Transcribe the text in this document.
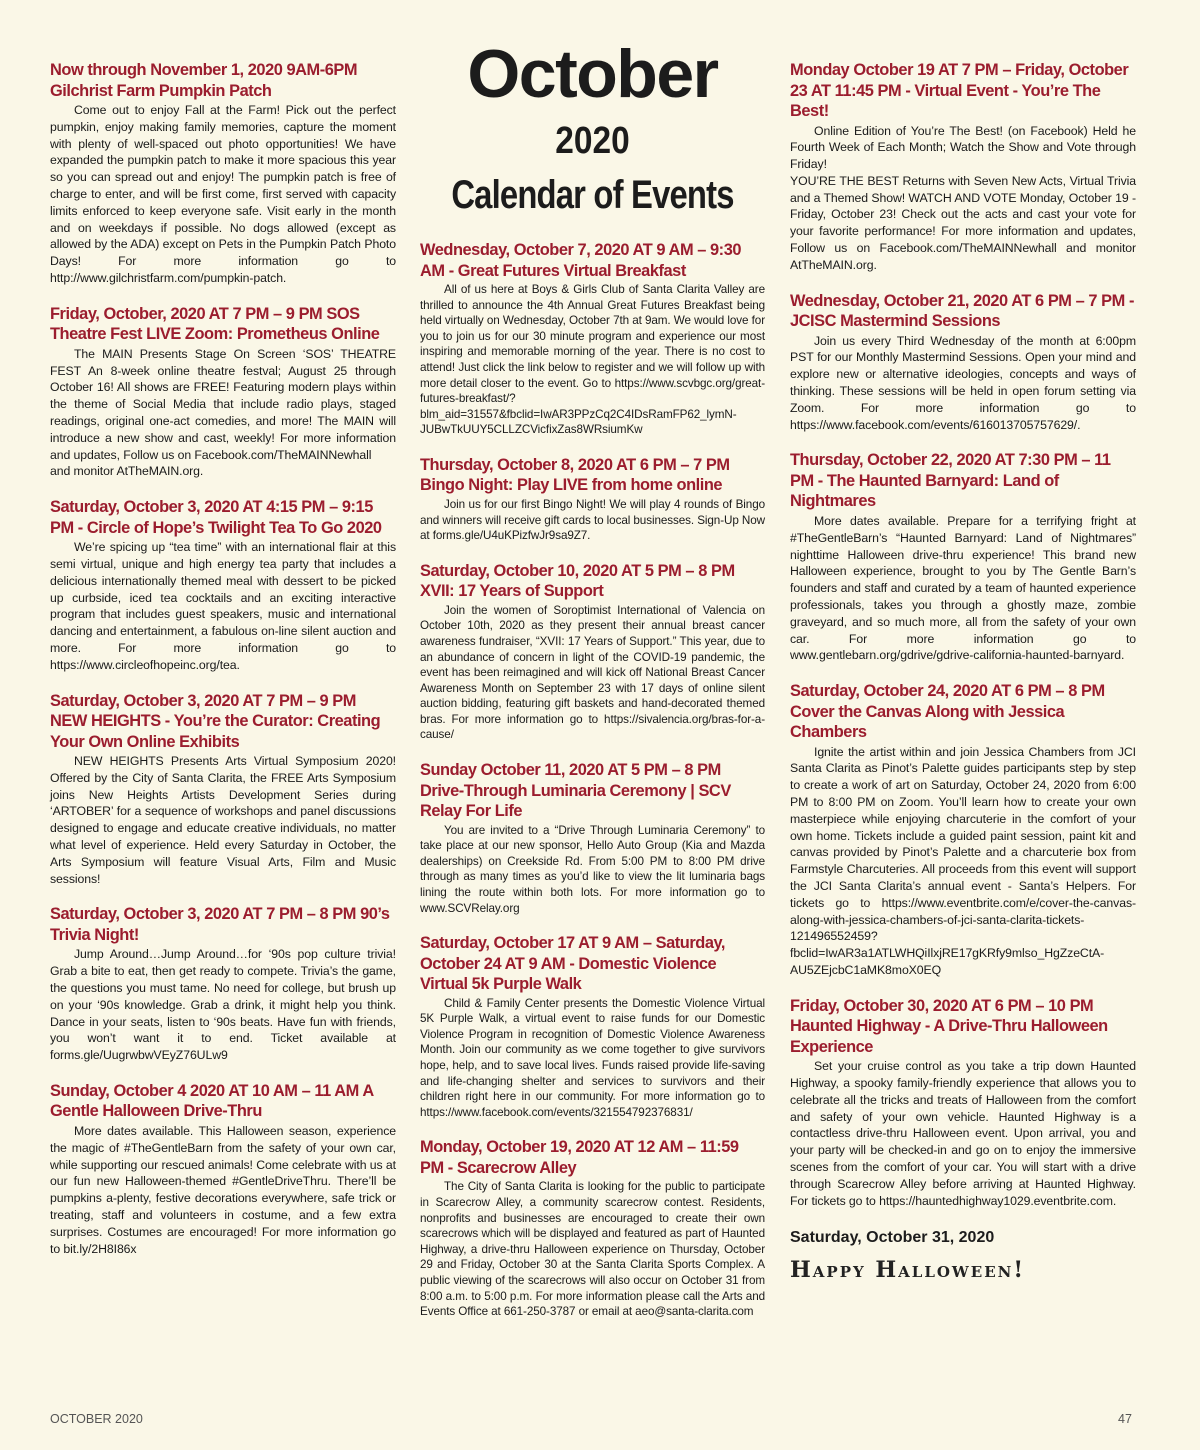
Now through November 1, 2020 9AM-6PM Gilchrist Farm Pumpkin Patch

Come out to enjoy Fall at the Farm! Pick out the perfect pumpkin, enjoy making family memories, capture the moment with plenty of well-spaced out photo opportunities! We have expanded the pumpkin patch to make it more spacious this year so you can spread out and enjoy! The pumpkin patch is free of charge to enter, and will be first come, first served with capacity limits enforced to keep everyone safe. Visit early in the month and on weekdays if possible. No dogs allowed (except as allowed by the ADA) except on Pets in the Pumpkin Patch Photo Days! For more information go to http://www.gilchristfarm.com/pumpkin-patch.

Friday, October, 2020 AT 7 PM – 9 PM SOS Theatre Fest LIVE Zoom: Prometheus Online

The MAIN Presents Stage On Screen ‘SOS’ THEATRE FEST An 8-week online theatre festval; August 25 through October 16! All shows are FREE! Featuring modern plays within the theme of Social Media that include radio plays, staged readings, original one-act comedies, and more! The MAIN will introduce a new show and cast, weekly! For more information and updates, Follow us on Facebook.com/TheMAINNewhall
and monitor AtTheMAIN.org.

Saturday, October 3, 2020 AT 4:15 PM – 9:15 PM - Circle of Hope’s Twilight Tea To Go 2020

We’re spicing up “tea time” with an international flair at this semi virtual, unique and high energy tea party that includes a delicious internationally themed meal with dessert to be picked up curbside, iced tea cocktails and an exciting interactive program that includes guest speakers, music and international dancing and entertainment, a fabulous on-line silent auction and more. For more information go to https://www.circleofhopeinc.org/tea.

Saturday, October 3, 2020 AT 7 PM – 9 PM NEW HEIGHTS - You’re the Curator: Creating Your Own Online Exhibits

NEW HEIGHTS Presents Arts Virtual Symposium 2020! Offered by the City of Santa Clarita, the FREE Arts Symposium joins New Heights Artists Development Series during ‘ARTOBER’ for a sequence of workshops and panel discussions designed to engage and educate creative individuals, no matter what level of experience. Held every Saturday in October, the Arts Symposium will feature Visual Arts, Film and Music sessions!

Saturday, October 3, 2020 AT 7 PM – 8 PM 90’s Trivia Night!

Jump Around…Jump Around…for ‘90s pop culture trivia! Grab a bite to eat, then get ready to compete. Trivia’s the game, the questions you must tame. No need for college, but brush up on your ‘90s knowledge. Grab a drink, it might help you think. Dance in your seats, listen to ‘90s beats. Have fun with friends, you won’t want it to end. Ticket available at forms.gle/UugrwbwVEyZ76ULw9

Sunday, October 4 2020 AT 10 AM – 11 AM A Gentle Halloween Drive-Thru

More dates available. This Halloween season, experience the magic of #TheGentleBarn from the safety of your own car, while supporting our rescued animals! Come celebrate with us at our fun new Halloween-themed #GentleDriveThru. There’ll be pumpkins a-plenty, festive decorations everywhere, safe trick or treating, staff and volunteers in costume, and a few extra surprises. Costumes are encouraged! For more information go to bit.ly/2H8I86x

October
2020
Calendar of Events

Wednesday, October 7, 2020 AT 9 AM – 9:30 AM - Great Futures Virtual Breakfast

All of us here at Boys & Girls Club of Santa Clarita Valley are thrilled to announce the 4th Annual Great Futures Breakfast being held virtually on Wednesday, October 7th at 9am. We would love for you to join us for our 30 minute program and experience our most inspiring and memorable morning of the year. There is no cost to attend! Just click the link below to register and we will follow up with more detail closer to the event. Go to https://www.scvbgc.org/great-futures-breakfast/?blm_aid=31557&fbclid=IwAR3PPzCq2C4IDsRamFP62_lymN-JUBwTkUUY5CLLZCVicfixZas8WRsiumKw

Thursday, October 8, 2020 AT 6 PM – 7 PM Bingo Night: Play LIVE from home online

Join us for our first Bingo Night! We will play 4 rounds of Bingo and winners will receive gift cards to local businesses. Sign-Up Now at forms.gle/U4uKPizfwJr9sa9Z7.

Saturday, October 10, 2020 AT 5 PM – 8 PM XVII: 17 Years of Support

Join the women of Soroptimist International of Valencia on October 10th, 2020 as they present their annual breast cancer awareness fundraiser, “XVII: 17 Years of Support.” This year, due to an abundance of concern in light of the COVID-19 pandemic, the event has been reimagined and will kick off National Breast Cancer Awareness Month on September 23 with 17 days of online silent auction bidding, featuring gift baskets and hand-decorated themed bras. For more information go to https://sivalencia.org/bras-for-a-cause/

Sunday October 11, 2020 AT 5 PM – 8 PM Drive-Through Luminaria Ceremony | SCV Relay For Life

You are invited to a “Drive Through Luminaria Ceremony” to take place at our new sponsor, Hello Auto Group (Kia and Mazda dealerships) on Creekside Rd. From 5:00 PM to 8:00 PM drive through as many times as you’d like to view the lit luminaria bags lining the route within both lots. For more information go to www.SCVRelay.org

Saturday, October 17 AT 9 AM – Saturday, October 24 AT 9 AM - Domestic Violence Virtual 5k Purple Walk

Child & Family Center presents the Domestic Violence Virtual 5K Purple Walk, a virtual event to raise funds for our Domestic Violence Program in recognition of Domestic Violence Awareness Month. Join our community as we come together to give survivors hope, help, and to save local lives. Funds raised provide life-saving and life-changing shelter and services to survivors and their children right here in our community. For more information go to https://www.facebook.com/events/321554792376831/

Monday, October 19, 2020 AT 12 AM – 11:59 PM - Scarecrow Alley

The City of Santa Clarita is looking for the public to participate in Scarecrow Alley, a community scarecrow contest. Residents, nonprofits and businesses are encouraged to create their own scarecrows which will be displayed and featured as part of Haunted Highway, a drive-thru Halloween experience on Thursday, October 29 and Friday, October 30 at the Santa Clarita Sports Complex. A public viewing of the scarecrows will also occur on October 31 from 8:00 a.m. to 5:00 p.m. For more information please call the Arts and Events Office at 661-250-3787 or email at aeo@santa-clarita.com

Monday October 19 AT 7 PM – Friday, October 23 AT 11:45 PM - Virtual Event - You’re The Best!

Online Edition of You’re The Best! (on Facebook) Held he Fourth Week of Each Month; Watch the Show and Vote through Friday!
YOU’RE THE BEST Returns with Seven New Acts, Virtual Trivia and a Themed Show! WATCH AND VOTE Monday, October 19 - Friday, October 23! Check out the acts and cast your vote for your favorite performance! For more information and updates, Follow us on Facebook.com/TheMAINNewhall and monitor AtTheMAIN.org.

Wednesday, October 21, 2020 AT 6 PM – 7 PM - JCISC Mastermind Sessions

Join us every Third Wednesday of the month at 6:00pm PST for our Monthly Mastermind Sessions. Open your mind and explore new or alternative ideologies, concepts and ways of thinking. These sessions will be held in open forum setting via Zoom. For more information go to https://www.facebook.com/events/616013705757629/.

Thursday, October 22, 2020 AT 7:30 PM – 11 PM - The Haunted Barnyard: Land of Nightmares

More dates available. Prepare for a terrifying fright at #TheGentleBarn’s “Haunted Barnyard: Land of Nightmares” nighttime Halloween drive-thru experience! This brand new Halloween experience, brought to you by The Gentle Barn’s founders and staff and curated by a team of haunted experience professionals, takes you through a ghostly maze, zombie graveyard, and so much more, all from the safety of your own car. For more information go to www.gentlebarn.org/gdrive/gdrive-california-haunted-barnyard.

Saturday, October 24, 2020 AT 6 PM – 8 PM Cover the Canvas Along with Jessica Chambers

Ignite the artist within and join Jessica Chambers from JCI Santa Clarita as Pinot’s Palette guides participants step by step to create a work of art on Saturday, October 24, 2020 from 6:00 PM to 8:00 PM on Zoom. You’ll learn how to create your own masterpiece while enjoying charcuterie in the comfort of your own home. Tickets include a guided paint session, paint kit and canvas provided by Pinot’s Palette and a charcuterie box from Farmstyle Charcuteries. All proceeds from this event will support the JCI Santa Clarita’s annual event - Santa’s Helpers. For tickets go to https://www.eventbrite.com/e/cover-the-canvas-along-with-jessica-chambers-of-jci-santa-clarita-tickets-121496552459?fbclid=IwAR3a1ATLWHQiIlxjRE17gKRfy9mlso_HgZzeCtA-AU5ZEjcbC1aMK8moX0EQ

Friday, October 30, 2020 AT 6 PM – 10 PM Haunted Highway - A Drive-Thru Halloween Experience

Set your cruise control as you take a trip down Haunted Highway, a spooky family-friendly experience that allows you to celebrate all the tricks and treats of Halloween from the comfort and safety of your own vehicle. Haunted Highway is a contactless drive-thru Halloween event. Upon arrival, you and your party will be checked-in and go on to enjoy the immersive scenes from the comfort of your car. You will start with a drive through Scarecrow Alley before arriving at Haunted Highway. For tickets go to https://hauntedhighway1029.eventbrite.com.

Saturday, October 31, 2020
Happy Halloween!
OCTOBER 2020	47
